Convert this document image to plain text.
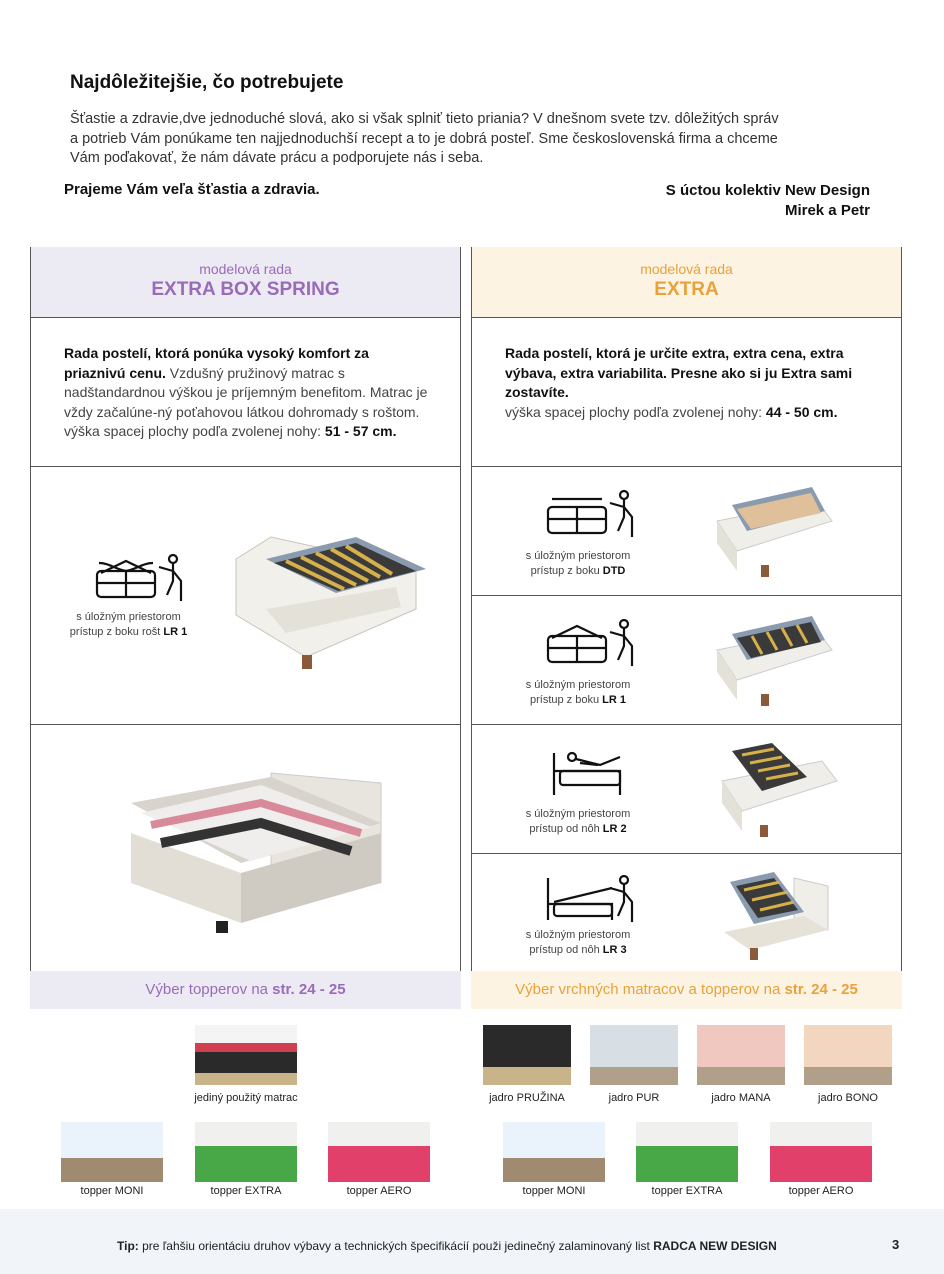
Najdôležitejšie, čo potrebujete
Šťastie a zdravie,dve jednoduché slová, ako si však splniť tieto priania? V dnešnom svete tzv. dôležitých správ
a potrieb Vám ponúkame ten najjednoduchší recept a to je dobrá posteľ. Sme československá firma a chceme
Vám poďakovať, že nám dávate prácu a podporujete nás i seba.
Prajeme Vám veľa šťastia a zdravia.	S úctou kolektiv New Design
Mirek a Petr
modelová rada
EXTRA BOX SPRING
Rada postelí, ktorá ponúka vysoký komfort za priaznivú cenu. Vzdušný pružinový matrac s nadštandardnou výškou je príjemným benefitom. Matrac je vždy začalúne-ný poťahovou látkou dohromady s roštom.
výška spacej plochy podľa zvolenej nohy: 51 - 57 cm.
s úložným priestorom
prístup z boku rošt LR 1
Výber topperov na str. 24 - 25
modelová rada
EXTRA
Rada postelí, ktorá je určite extra, extra cena, extra výbava, extra variabilita. Presne ako si ju Extra sami zostavíte.
výška spacej plochy podľa zvolenej nohy: 44 - 50 cm.
s úložným priestorom
prístup z boku DTD
s úložným priestorom
prístup z boku LR 1
s úložným priestorom
prístup od nôh LR 2
s úložným priestorom
prístup od nôh LR 3
Výber vrchných matracov a topperov na str. 24 - 25
jediný použitý matrac
topper MONI	topper EXTRA	topper AERO
jadro PRUŽINA	jadro PUR	jadro MANA	jadro BONO
topper MONI	topper EXTRA	topper AERO
Tip: pre ľahšiu orientáciu druhov výbavy a technických špecifikácií použi jedinečný zalaminovaný list RADCA NEW DESIGN	3
